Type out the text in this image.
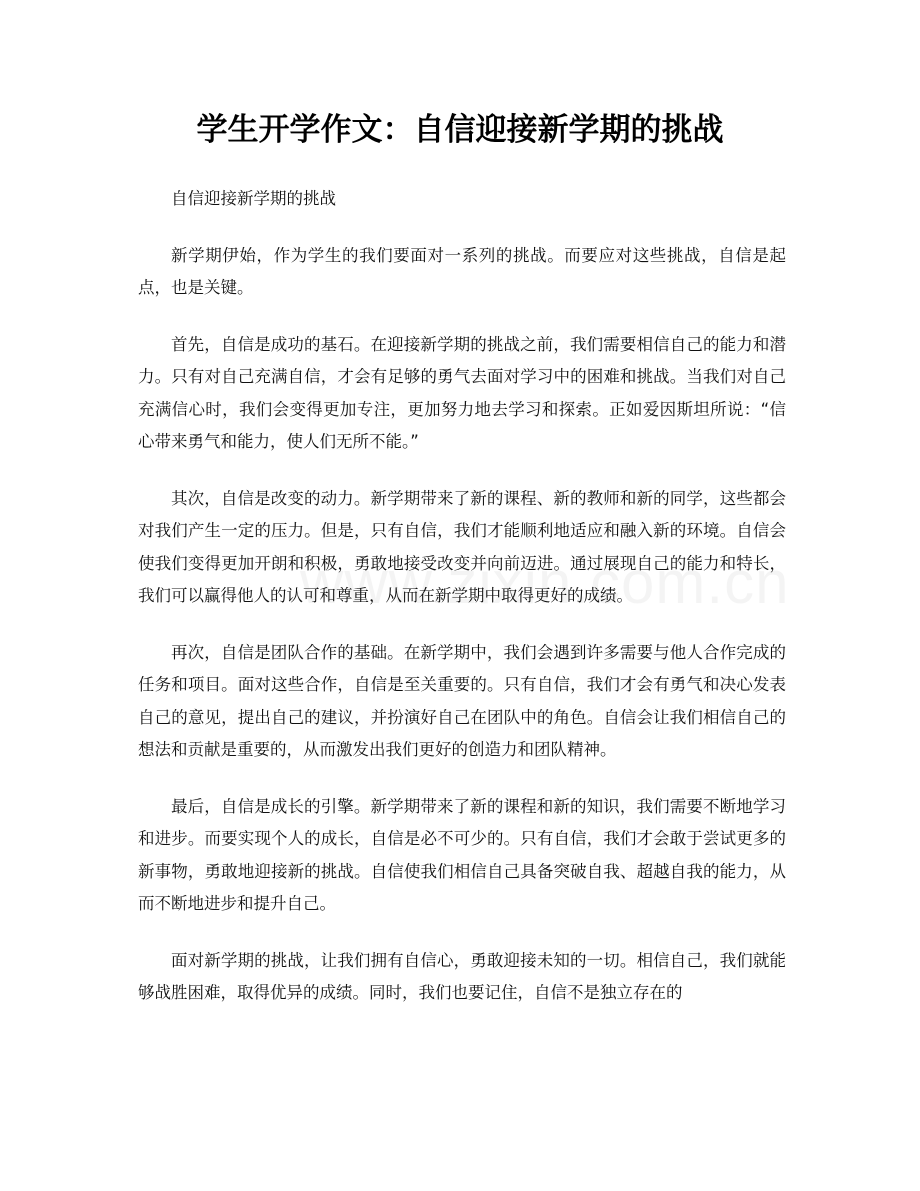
学生开学作文：自信迎接新学期的挑战

自信迎接新学期的挑战

新学期伊始，作为学生的我们要面对一系列的挑战。而要应对这些挑战，自信是起点，也是关键。

首先，自信是成功的基石。在迎接新学期的挑战之前，我们需要相信自己的能力和潜力。只有对自己充满自信，才会有足够的勇气去面对学习中的困难和挑战。当我们对自己充满信心时，我们会变得更加专注，更加努力地去学习和探索。正如爱因斯坦所说：“信心带来勇气和能力，使人们无所不能。”

其次，自信是改变的动力。新学期带来了新的课程、新的教师和新的同学，这些都会对我们产生一定的压力。但是，只有自信，我们才能顺利地适应和融入新的环境。自信会使我们变得更加开朗和积极，勇敢地接受改变并向前迈进。通过展现自己的能力和特长，我们可以赢得他人的认可和尊重，从而在新学期中取得更好的成绩。

再次，自信是团队合作的基础。在新学期中，我们会遇到许多需要与他人合作完成的任务和项目。面对这些合作，自信是至关重要的。只有自信，我们才会有勇气和决心发表自己的意见，提出自己的建议，并扮演好自己在团队中的角色。自信会让我们相信自己的想法和贡献是重要的，从而激发出我们更好的创造力和团队精神。

最后，自信是成长的引擎。新学期带来了新的课程和新的知识，我们需要不断地学习和进步。而要实现个人的成长，自信是必不可少的。只有自信，我们才会敢于尝试更多的新事物，勇敢地迎接新的挑战。自信使我们相信自己具备突破自我、超越自我的能力，从而不断地进步和提升自己。

面对新学期的挑战，让我们拥有自信心，勇敢迎接未知的一切。相信自己，我们就能够战胜困难，取得优异的成绩。同时，我们也要记住，自信不是独立存在的
